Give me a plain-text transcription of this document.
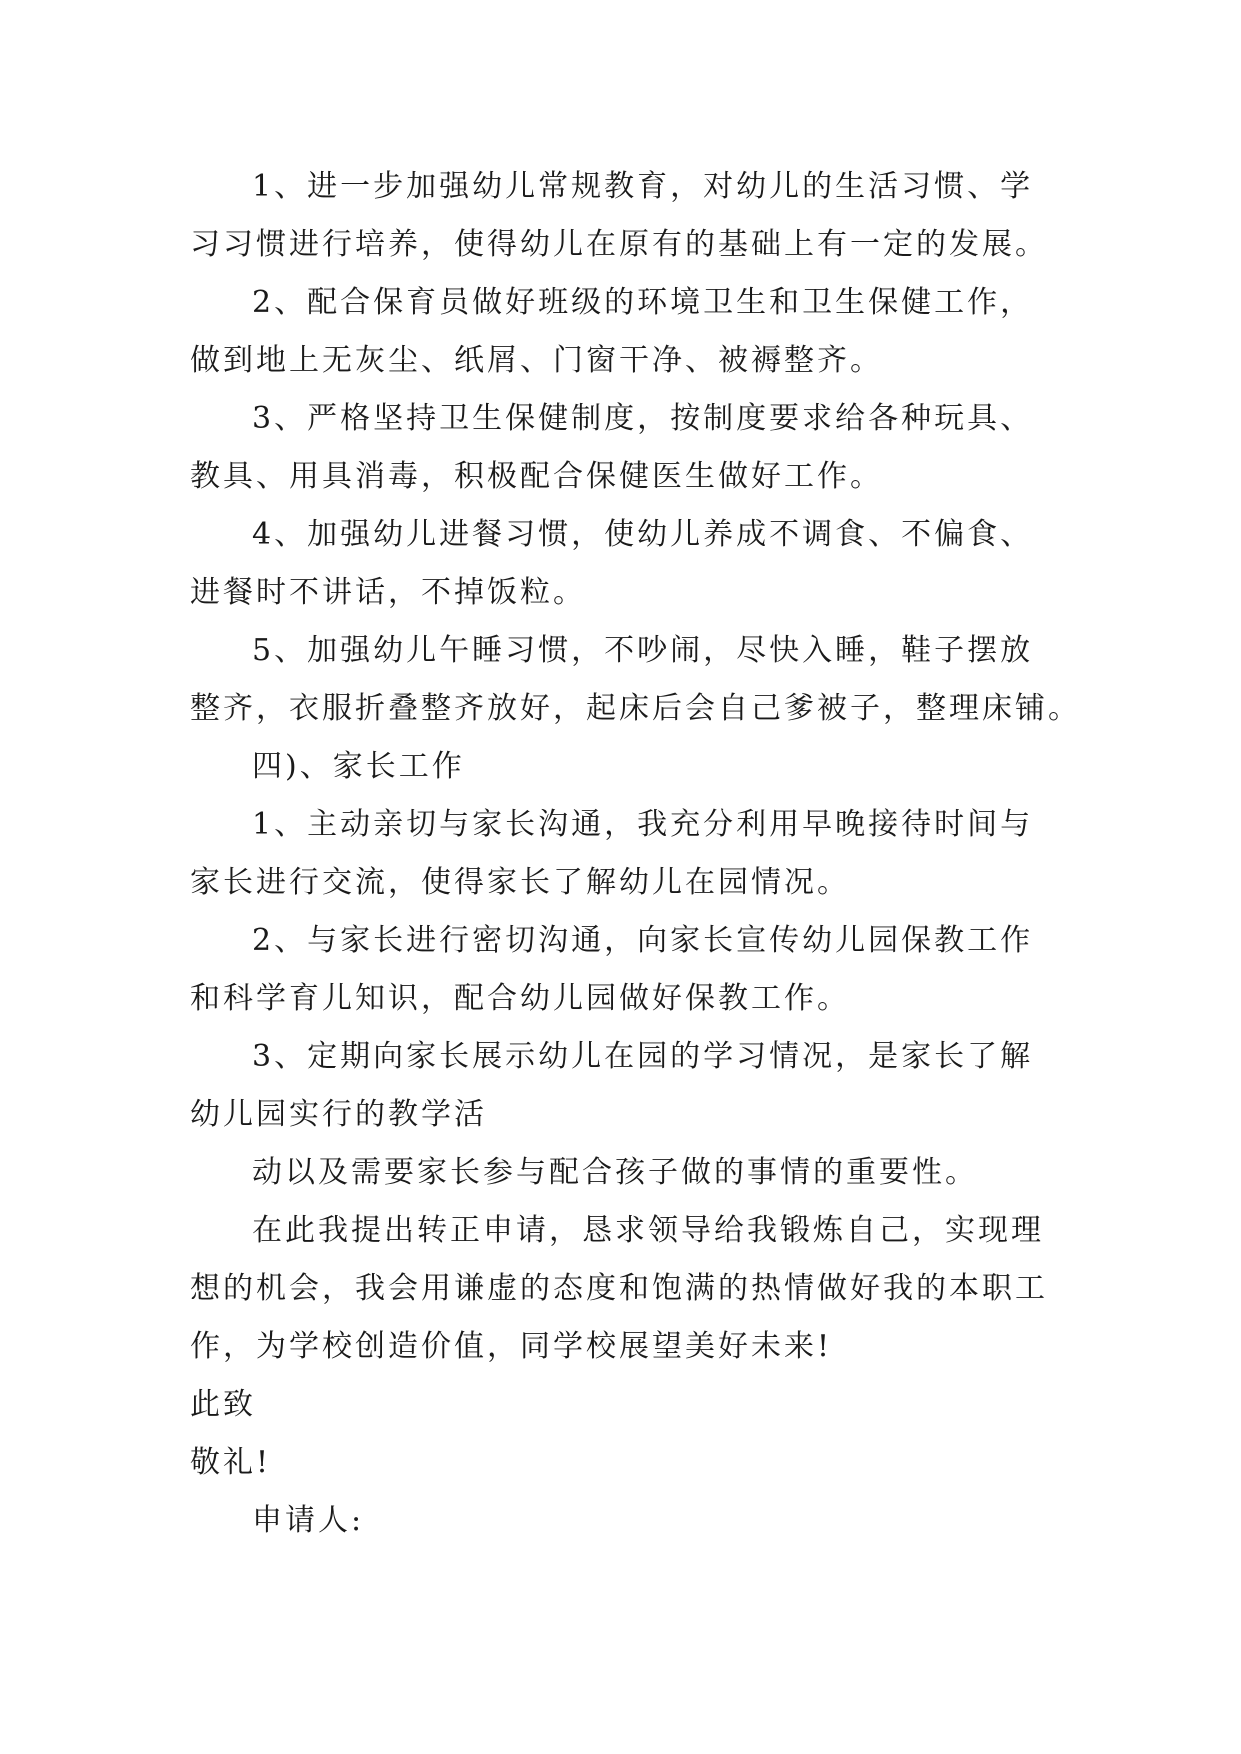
1、进一步加强幼儿常规教育，对幼儿的生活习惯、学
习习惯进行培养，使得幼儿在原有的基础上有一定的发展。
2、配合保育员做好班级的环境卫生和卫生保健工作，
做到地上无灰尘、纸屑、门窗干净、被褥整齐。
3、严格坚持卫生保健制度，按制度要求给各种玩具、
教具、用具消毒，积极配合保健医生做好工作。
4、加强幼儿进餐习惯，使幼儿养成不调食、不偏食、
进餐时不讲话，不掉饭粒。
5、加强幼儿午睡习惯，不吵闹，尽快入睡，鞋子摆放
整齐，衣服折叠整齐放好，起床后会自己爹被子，整理床铺。
四)、家长工作
1、主动亲切与家长沟通，我充分利用早晚接待时间与
家长进行交流，使得家长了解幼儿在园情况。
2、与家长进行密切沟通，向家长宣传幼儿园保教工作
和科学育儿知识，配合幼儿园做好保教工作。
3、定期向家长展示幼儿在园的学习情况，是家长了解
幼儿园实行的教学活
动以及需要家长参与配合孩子做的事情的重要性。
在此我提出转正申请，恳求领导给我锻炼自己，实现理
想的机会，我会用谦虚的态度和饱满的热情做好我的本职工
作，为学校创造价值，同学校展望美好未来!
此致
敬礼!
申请人:
